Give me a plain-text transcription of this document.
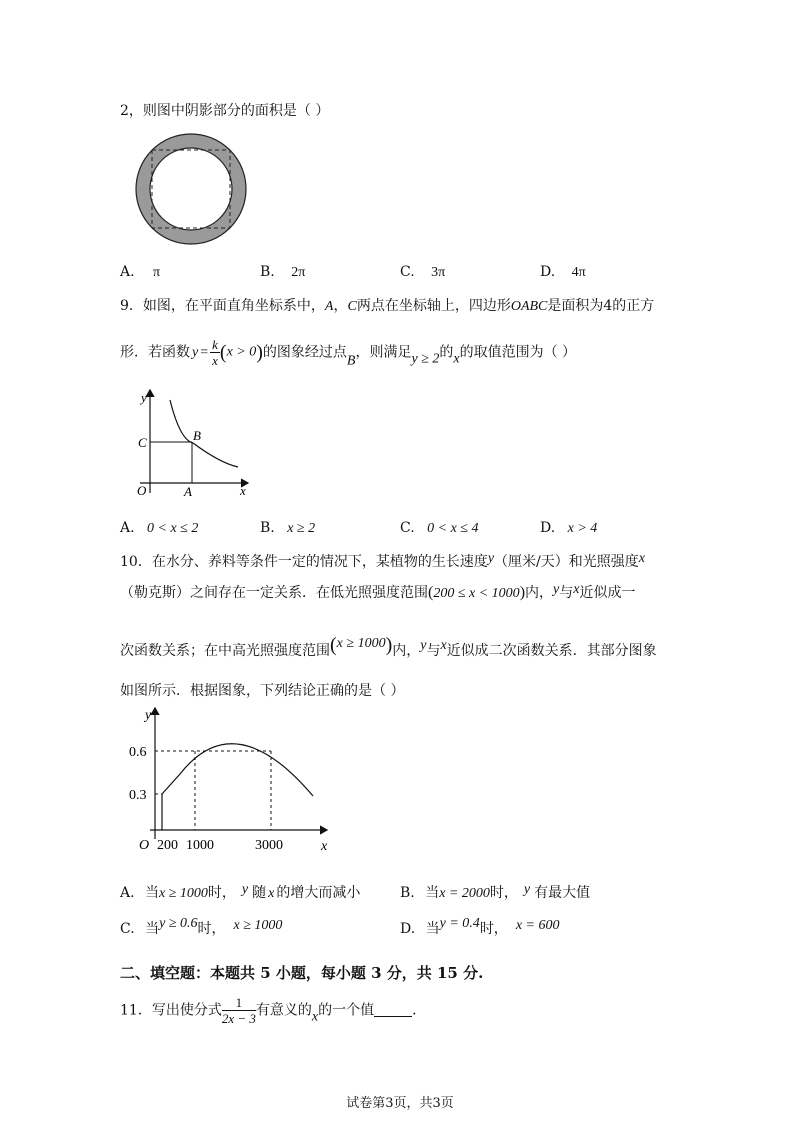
2，则图中阴影部分的面积是（ ）
A. π	B. 2π	C. 3π	D. 4π
9．如图，在平面直角坐标系中，A，C两点在坐标轴上，四边形OABC是面积为4的正方
形．若函数 $y = \frac{k}{x} (x > 0)$的图象经过点B，则满足y ≥ 2的x的取值范围为（ ）
y
x
C	B
O	A
A. 0 < x ≤ 2	B. x ≥ 2	C. 0 < x ≤ 4	D. x > 4
10．在水分、养料等条件一定的情况下，某植物的生长速度y（厘米/天）和光照强度x
（勒克斯）之间存在一定关系．在低光照强度范围(200 ≤ x < 1000)内，y与x近似成一
次函数关系；在中高光照强度范围(x ≥ 1000)内，y与x近似成二次函数关系．其部分图象
如图所示．根据图象，下列结论正确的是（ ）
y
x
O
0.6
0.3
200 1000	3000
A. 当x ≥ 1000时， y 随 x 的增大而减小	B. 当x = 2000时， y 有最大值
C. 当y ≥ 0.6时， x ≥ 1000	D. 当y = 0.4时， x = 600
二、填空题：本题共 5 小题，每小题 3 分，共 15 分.
11．写出使分式 $\frac{1}{2x - 3}$ 有意义的x的一个值	.
试卷第3页，共3页
